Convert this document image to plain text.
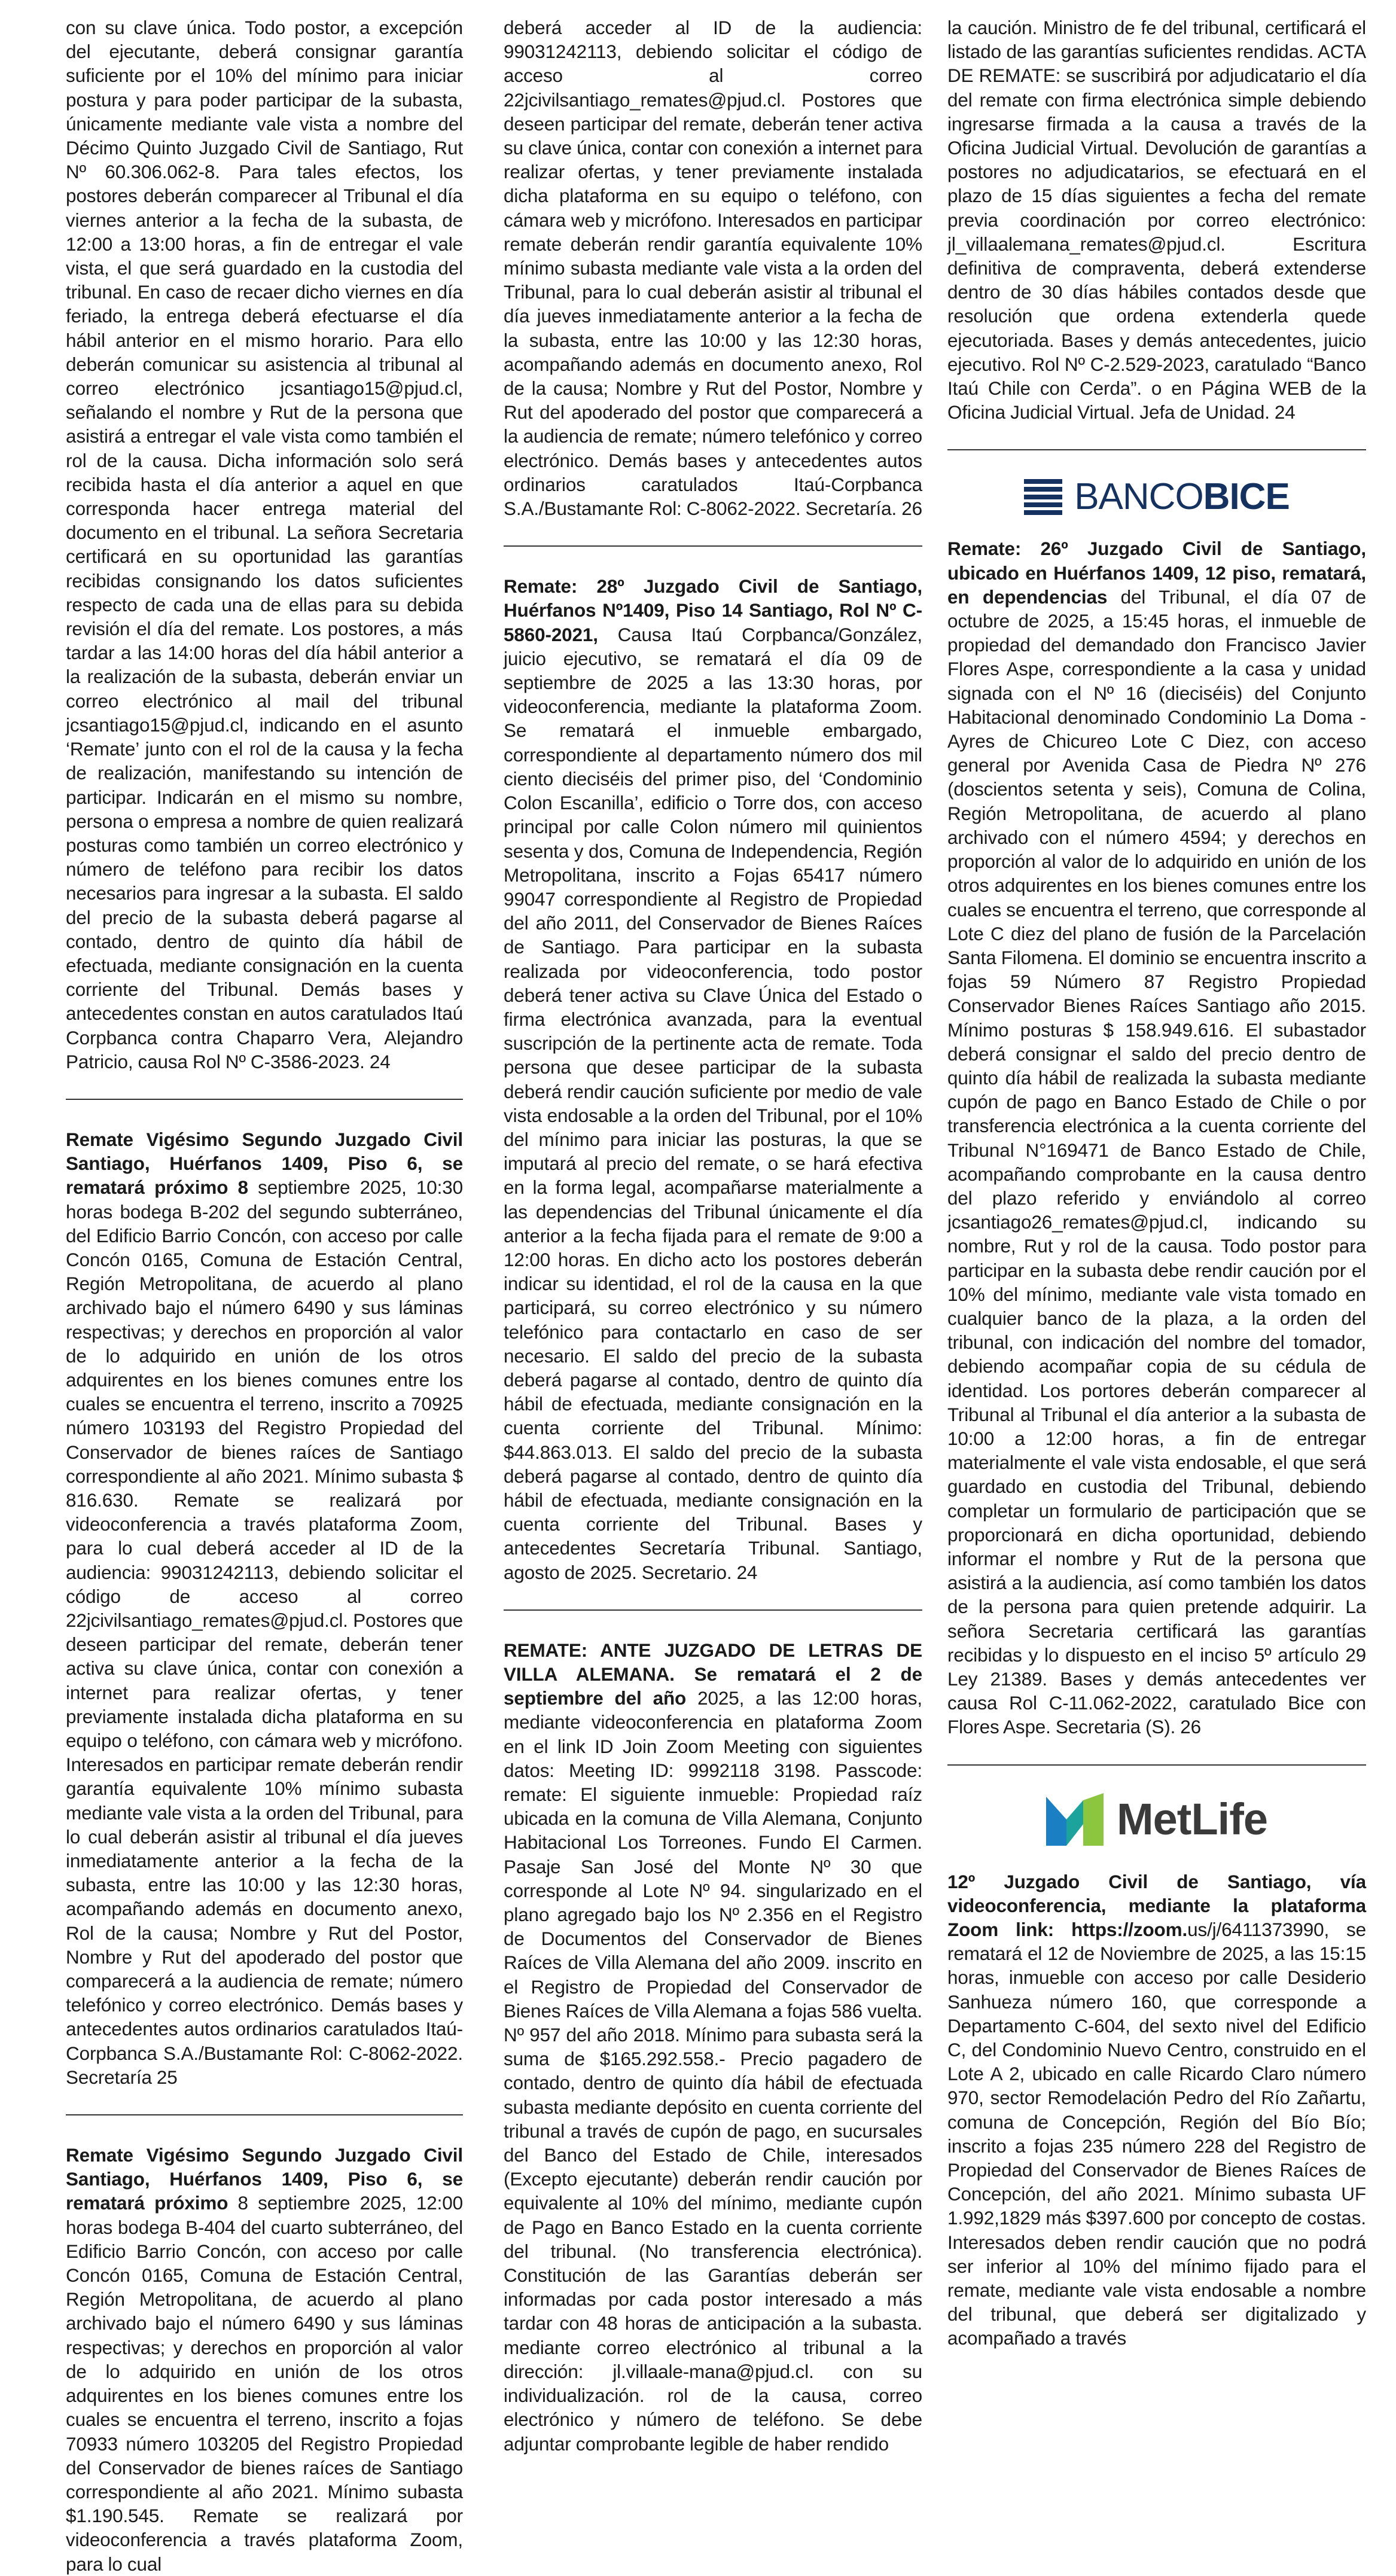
con su clave única. Todo postor, a excepción del ejecutante, deberá consignar garantía suficiente por el 10% del mínimo para iniciar postura y para poder participar de la subasta, únicamente mediante vale vista a nombre del Décimo Quinto Juzgado Civil de Santiago, Rut Nº 60.306.062-8. Para tales efectos, los postores deberán comparecer al Tribunal el día viernes anterior a la fecha de la subasta, de 12:00 a 13:00 horas, a fin de entregar el vale vista, el que será guardado en la custodia del tribunal. En caso de recaer dicho viernes en día feriado, la entrega deberá efectuarse el día hábil anterior en el mismo horario. Para ello deberán comunicar su asistencia al tribunal al correo electrónico jcsantiago15@pjud.cl, señalando el nombre y Rut de la persona que asistirá a entregar el vale vista como también el rol de la causa. Dicha información solo será recibida hasta el día anterior a aquel en que corresponda hacer entrega material del documento en el tribunal. La señora Secretaria certificará en su oportunidad las garantías recibidas consignando los datos suficientes respecto de cada una de ellas para su debida revisión el día del remate. Los postores, a más tardar a las 14:00 horas del día hábil anterior a la realización de la subasta, deberán enviar un correo electrónico al mail del tribunal jcsantiago15@pjud.cl, indicando en el asunto ‘Remate’ junto con el rol de la causa y la fecha de realización, manifestando su intención de participar. Indicarán en el mismo su nombre, persona o empresa a nombre de quien realizará posturas como también un correo electrónico y número de teléfono para recibir los datos necesarios para ingresar a la subasta. El saldo del precio de la subasta deberá pagarse al contado, dentro de quinto día hábil de efectuada, mediante consignación en la cuenta corriente del Tribunal. Demás bases y antecedentes constan en autos caratulados Itaú Corpbanca contra Chaparro Vera, Alejandro Patricio, causa Rol Nº C-3586-2023. 24

Remate Vigésimo Segundo Juzgado Civil Santiago, Huérfanos 1409, Piso 6, se rematará próximo 8 septiembre 2025, 10:30 horas bodega B-202 del segundo subterráneo, del Edificio Barrio Concón, con acceso por calle Concón 0165, Comuna de Estación Central, Región Metropolitana, de acuerdo al plano archivado bajo el número 6490 y sus láminas respectivas; y derechos en proporción al valor de lo adquirido en unión de los otros adquirentes en los bienes comunes entre los cuales se encuentra el terreno, inscrito a 70925 número 103193 del Registro Propiedad del Conservador de bienes raíces de Santiago correspondiente al año 2021. Mínimo subasta $ 816.630. Remate se realizará por videoconferencia a través plataforma Zoom, para lo cual deberá acceder al ID de la audiencia: 99031242113, debiendo solicitar el código de acceso al correo 22jcivilsantiago_remates@pjud.cl. Postores que deseen participar del remate, deberán tener activa su clave única, contar con conexión a internet para realizar ofertas, y tener previamente instalada dicha plataforma en su equipo o teléfono, con cámara web y micrófono. Interesados en participar remate deberán rendir garantía equivalente 10% mínimo subasta mediante vale vista a la orden del Tribunal, para lo cual deberán asistir al tribunal el día jueves inmediatamente anterior a la fecha de la subasta, entre las 10:00 y las 12:30 horas, acompañando además en documento anexo, Rol de la causa; Nombre y Rut del Postor, Nombre y Rut del apoderado del postor que comparecerá a la audiencia de remate; número telefónico y correo electrónico. Demás bases y antecedentes autos ordinarios caratulados Itaú-Corpbanca S.A./Bustamante Rol: C-8062-2022. Secretaría 25

Remate Vigésimo Segundo Juzgado Civil Santiago, Huérfanos 1409, Piso 6, se rematará próximo 8 septiembre 2025, 12:00 horas bodega B-404 del cuarto subterráneo, del Edificio Barrio Concón, con acceso por calle Concón 0165, Comuna de Estación Central, Región Metropolitana, de acuerdo al plano archivado bajo el número 6490 y sus láminas respectivas; y derechos en proporción al valor de lo adquirido en unión de los otros adquirentes en los bienes comunes entre los cuales se encuentra el terreno, inscrito a fojas 70933 número 103205 del Registro Propiedad del Conservador de bienes raíces de Santiago correspondiente al año 2021. Mínimo subasta $1.190.545. Remate se realizará por videoconferencia a través plataforma Zoom, para lo cual

deberá acceder al ID de la audiencia: 99031242113, debiendo solicitar el código de acceso al correo 22jcivilsantiago_remates@pjud.cl. Postores que deseen participar del remate, deberán tener activa su clave única, contar con conexión a internet para realizar ofertas, y tener previamente instalada dicha plataforma en su equipo o teléfono, con cámara web y micrófono. Interesados en participar remate deberán rendir garantía equivalente 10% mínimo subasta mediante vale vista a la orden del Tribunal, para lo cual deberán asistir al tribunal el día jueves inmediatamente anterior a la fecha de la subasta, entre las 10:00 y las 12:30 horas, acompañando además en documento anexo, Rol de la causa; Nombre y Rut del Postor, Nombre y Rut del apoderado del postor que comparecerá a la audiencia de remate; número telefónico y correo electrónico. Demás bases y antecedentes autos ordinarios caratulados Itaú-Corpbanca S.A./Bustamante Rol: C-8062-2022. Secretaría. 26

Remate: 28º Juzgado Civil de Santiago, Huérfanos Nº1409, Piso 14 Santiago, Rol Nº C-5860-2021, Causa Itaú Corpbanca/González, juicio ejecutivo, se rematará el día 09 de septiembre de 2025 a las 13:30 horas, por videoconferencia, mediante la plataforma Zoom. Se rematará el inmueble embargado, correspondiente al departamento número dos mil ciento dieciséis del primer piso, del ‘Condominio Colon Escanilla’, edificio o Torre dos, con acceso principal por calle Colon número mil quinientos sesenta y dos, Comuna de Independencia, Región Metropolitana, inscrito a Fojas 65417 número 99047 correspondiente al Registro de Propiedad del año 2011, del Conservador de Bienes Raíces de Santiago. Para participar en la subasta realizada por videoconferencia, todo postor deberá tener activa su Clave Única del Estado o firma electrónica avanzada, para la eventual suscripción de la pertinente acta de remate. Toda persona que desee participar de la subasta deberá rendir caución suficiente por medio de vale vista endosable a la orden del Tribunal, por el 10% del mínimo para iniciar las posturas, la que se imputará al precio del remate, o se hará efectiva en la forma legal, acompañarse materialmente a las dependencias del Tribunal únicamente el día anterior a la fecha fijada para el remate de 9:00 a 12:00 horas. En dicho acto los postores deberán indicar su identidad, el rol de la causa en la que participará, su correo electrónico y su número telefónico para contactarlo en caso de ser necesario. El saldo del precio de la subasta deberá pagarse al contado, dentro de quinto día hábil de efectuada, mediante consignación en la cuenta corriente del Tribunal. Mínimo: $44.863.013. El saldo del precio de la subasta deberá pagarse al contado, dentro de quinto día hábil de efectuada, mediante consignación en la cuenta corriente del Tribunal. Bases y antecedentes Secretaría Tribunal. Santiago, agosto de 2025. Secretario. 24

REMATE: ANTE JUZGADO DE LETRAS DE VILLA ALEMANA. Se rematará el 2 de septiembre del año 2025, a las 12:00 horas, mediante videoconferencia en plataforma Zoom en el link ID Join Zoom Meeting con siguientes datos: Meeting ID: 9992118 3198. Passcode: remate: El siguiente inmueble: Propiedad raíz ubicada en la comuna de Villa Alemana, Conjunto Habitacional Los Torreones. Fundo El Carmen. Pasaje San José del Monte Nº 30 que corresponde al Lote Nº 94. singularizado en el plano agregado bajo los Nº 2.356 en el Registro de Documentos del Conservador de Bienes Raíces de Villa Alemana del año 2009. inscrito en el Registro de Propiedad del Conservador de Bienes Raíces de Villa Alemana a fojas 586 vuelta. Nº 957 del año 2018. Mínimo para subasta será la suma de $165.292.558.- Precio pagadero de contado, dentro de quinto día hábil de efectuada subasta mediante depósito en cuenta corriente del tribunal a través de cupón de pago, en sucursales del Banco del Estado de Chile, interesados (Excepto ejecutante) deberán rendir caución por equivalente al 10% del mínimo, mediante cupón de Pago en Banco Estado en la cuenta corriente del tribunal. (No transferencia electrónica). Constitución de las Garantías deberán ser informadas por cada postor interesado a más tardar con 48 horas de anticipación a la subasta. mediante correo electrónico al tribunal a la dirección: jl.villaale-mana@pjud.cl. con su individualización. rol de la causa, correo electrónico y número de teléfono. Se debe adjuntar comprobante legible de haber rendido

la caución. Ministro de fe del tribunal, certificará el listado de las garantías suficientes rendidas. ACTA DE REMATE: se suscribirá por adjudicatario el día del remate con firma electrónica simple debiendo ingresarse firmada a la causa a través de la Oficina Judicial Virtual. Devolución de garantías a postores no adjudicatarios, se efectuará en el plazo de 15 días siguientes a fecha del remate previa coordinación por correo electrónico: jl_villaalemana_remates@pjud.cl. Escritura definitiva de compraventa, deberá extenderse dentro de 30 días hábiles contados desde que resolución que ordena extenderla quede ejecutoriada. Bases y demás antecedentes, juicio ejecutivo. Rol Nº C-2.529-2023, caratulado “Banco Itaú Chile con Cerda”. o en Página WEB de la Oficina Judicial Virtual. Jefa de Unidad. 24

BANCOBICE

Remate: 26º Juzgado Civil de Santiago, ubicado en Huérfanos 1409, 12 piso, rematará, en dependencias del Tribunal, el día 07 de octubre de 2025, a 15:45 horas, el inmueble de propiedad del demandado don Francisco Javier Flores Aspe, correspondiente a la casa y unidad signada con el Nº 16 (dieciséis) del Conjunto Habitacional denominado Condominio La Doma - Ayres de Chicureo Lote C Diez, con acceso general por Avenida Casa de Piedra Nº 276 (doscientos setenta y seis), Comuna de Colina, Región Metropolitana, de acuerdo al plano archivado con el número 4594; y derechos en proporción al valor de lo adquirido en unión de los otros adquirentes en los bienes comunes entre los cuales se encuentra el terreno, que corresponde al Lote C diez del plano de fusión de la Parcelación Santa Filomena. El dominio se encuentra inscrito a fojas 59 Número 87 Registro Propiedad Conservador Bienes Raíces Santiago año 2015. Mínimo posturas $ 158.949.616. El subastador deberá consignar el saldo del precio dentro de quinto día hábil de realizada la subasta mediante cupón de pago en Banco Estado de Chile o por transferencia electrónica a la cuenta corriente del Tribunal N°169471 de Banco Estado de Chile, acompañando comprobante en la causa dentro del plazo referido y enviándolo al correo jcsantiago26_remates@pjud.cl, indicando su nombre, Rut y rol de la causa. Todo postor para participar en la subasta debe rendir caución por el 10% del mínimo, mediante vale vista tomado en cualquier banco de la plaza, a la orden del tribunal, con indicación del nombre del tomador, debiendo acompañar copia de su cédula de identidad. Los portores deberán comparecer al Tribunal al Tribunal el día anterior a la subasta de 10:00 a 12:00 horas, a fin de entregar materialmente el vale vista endosable, el que será guardado en custodia del Tribunal, debiendo completar un formulario de participación que se proporcionará en dicha oportunidad, debiendo informar el nombre y Rut de la persona que asistirá a la audiencia, así como también los datos de la persona para quien pretende adquirir. La señora Secretaria certificará las garantías recibidas y lo dispuesto en el inciso 5º artículo 29 Ley 21389. Bases y demás antecedentes ver causa Rol C-11.062-2022, caratulado Bice con Flores Aspe. Secretaria (S). 26

MetLife

12º Juzgado Civil de Santiago, vía videoconferencia, mediante la plataforma Zoom link: https://zoom.us/j/6411373990, se rematará el 12 de Noviembre de 2025, a las 15:15 horas, inmueble con acceso por calle Desiderio Sanhueza número 160, que corresponde a Departamento C-604, del sexto nivel del Edificio C, del Condominio Nuevo Centro, construido en el Lote A 2, ubicado en calle Ricardo Claro número 970, sector Remodelación Pedro del Río Zañartu, comuna de Concepción, Región del Bío Bío; inscrito a fojas 235 número 228 del Registro de Propiedad del Conservador de Bienes Raíces de Concepción, del año 2021. Mínimo subasta UF 1.992,1829 más $397.600 por concepto de costas. Interesados deben rendir caución que no podrá ser inferior al 10% del mínimo fijado para el remate, mediante vale vista endosable a nombre del tribunal, que deberá ser digitalizado y acompañado a través
